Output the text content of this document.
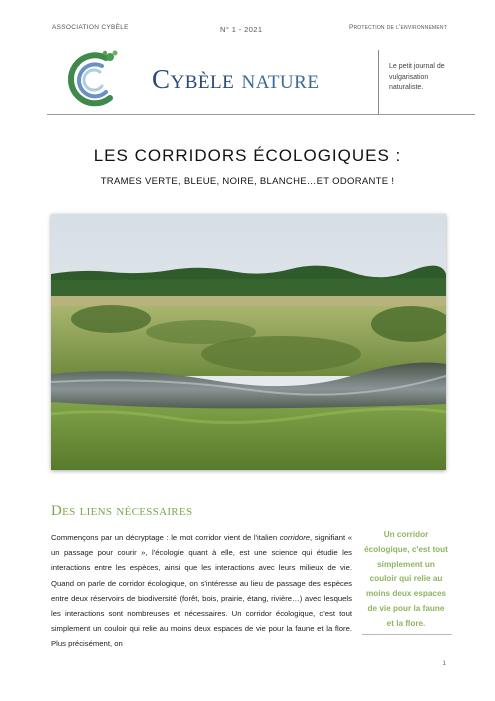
ASSOCIATION CYBÈLE	N° 1 - 2021	Protection de l'environnement
Cybèle nature	Le petit journal de vulgarisation naturaliste.
LES CORRIDORS ÉCOLOGIQUES :
TRAMES VERTE, BLEUE, NOIRE, BLANCHE…ET ODORANTE !
Des liens nécessaires
Commençons par un décryptage : le mot corridor vient de l'italien corridore, signifiant « un passage pour courir », l'écologie quant à elle, est une science qui étudie les interactions entre les espèces, ainsi que les interactions avec leurs milieux de vie. Quand on parle de corridor écologique, on s'intéresse au lieu de passage des espèces entre deux réservoirs de biodiversité (forêt, bois, prairie, étang, rivière…) avec lesquels les interactions sont nombreuses et nécessaires. Un corridor écologique, c'est tout simplement un couloir qui relie au moins deux espaces de vie pour la faune et la flore. Plus précisément, on
Un corridor écologique, c'est tout simplement un couloir qui relie au moins deux espaces de vie pour la faune et la flore.
1
